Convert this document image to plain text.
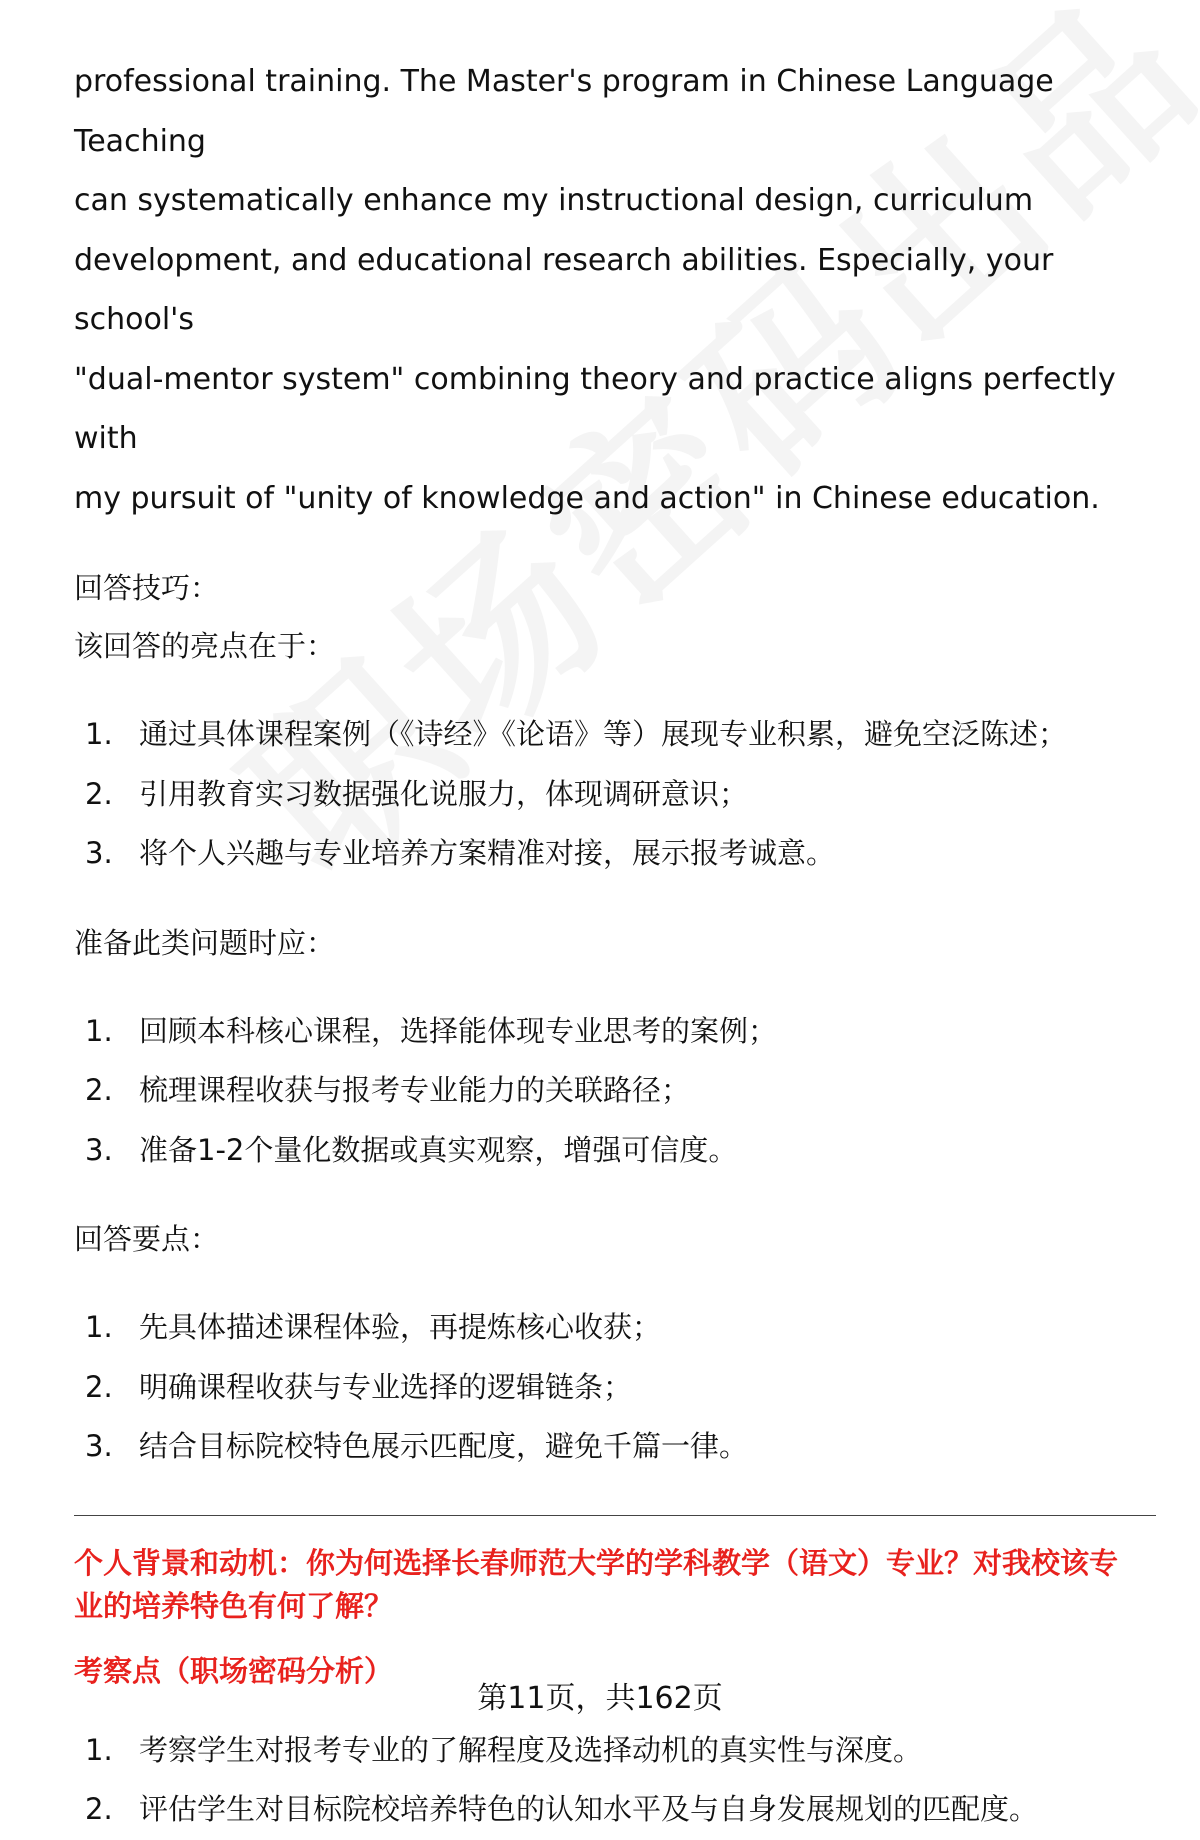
professional training. The Master's program in Chinese Language Teaching

can systematically enhance my instructional design, curriculum

development, and educational research abilities. Especially, your school's

"dual-mentor system" combining theory and practice aligns perfectly with

my pursuit of "unity of knowledge and action" in Chinese education.

回答技巧：

该回答的亮点在于：

1. 通过具体课程案例（《诗经》《论语》等）展现专业积累，避免空泛陈述；
2. 引用教育实习数据强化说服力，体现调研意识；
3. 将个人兴趣与专业培养方案精准对接，展示报考诚意。

准备此类问题时应：

1. 回顾本科核心课程，选择能体现专业思考的案例；
2. 梳理课程收获与报考专业能力的关联路径；
3. 准备1-2个量化数据或真实观察，增强可信度。

回答要点：

1. 先具体描述课程体验，再提炼核心收获；
2. 明确课程收获与专业选择的逻辑链条；
3. 结合目标院校特色展示匹配度，避免千篇一律。

个人背景和动机：你为何选择长春师范大学的学科教学（语文）专业？对我校该专

业的培养特色有何了解？

考察点（职场密码分析）

1. 考察学生对报考专业的了解程度及选择动机的真实性与深度。
2. 评估学生对目标院校培养特色的认知水平及与自身发展规划的匹配度。
第11页，共162页
